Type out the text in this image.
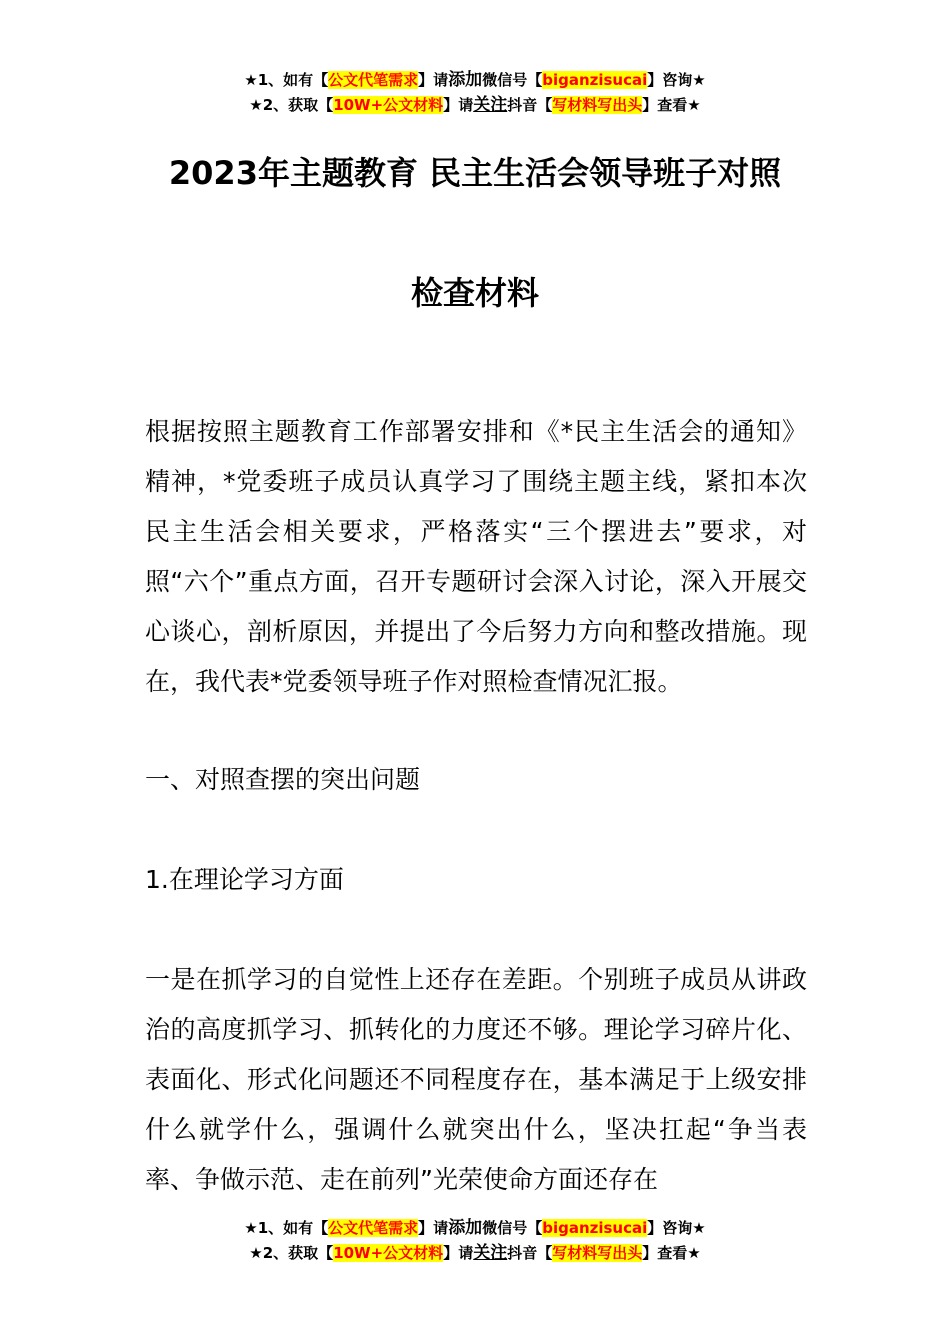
★1、如有【公文代笔需求】请添加微信号【biganzisucai】咨询★
★2、获取【10W+公文材料】请关注抖音【写材料写出头】查看★
2023年主题教育 民主生活会领导班子对照
检查材料
根据按照主题教育工作部署安排和《*民主生活会的通知》精神，*党委班子成员认真学习了围绕主题主线，紧扣本次民主生活会相关要求，严格落实“三个摆进去”要求，对照“六个”重点方面，召开专题研讨会深入讨论，深入开展交心谈心，剖析原因，并提出了今后努力方向和整改措施。现在，我代表*党委领导班子作对照检查情况汇报。
一、对照查摆的突出问题
1.在理论学习方面
一是在抓学习的自觉性上还存在差距。个别班子成员从讲政治的高度抓学习、抓转化的力度还不够。理论学习碎片化、表面化、形式化问题还不同程度存在，基本满足于上级安排什么就学什么，强调什么就突出什么，坚决扛起“争当表率、争做示范、走在前列”光荣使命方面还存在
★1、如有【公文代笔需求】请添加微信号【biganzisucai】咨询★
★2、获取【10W+公文材料】请关注抖音【写材料写出头】查看★
